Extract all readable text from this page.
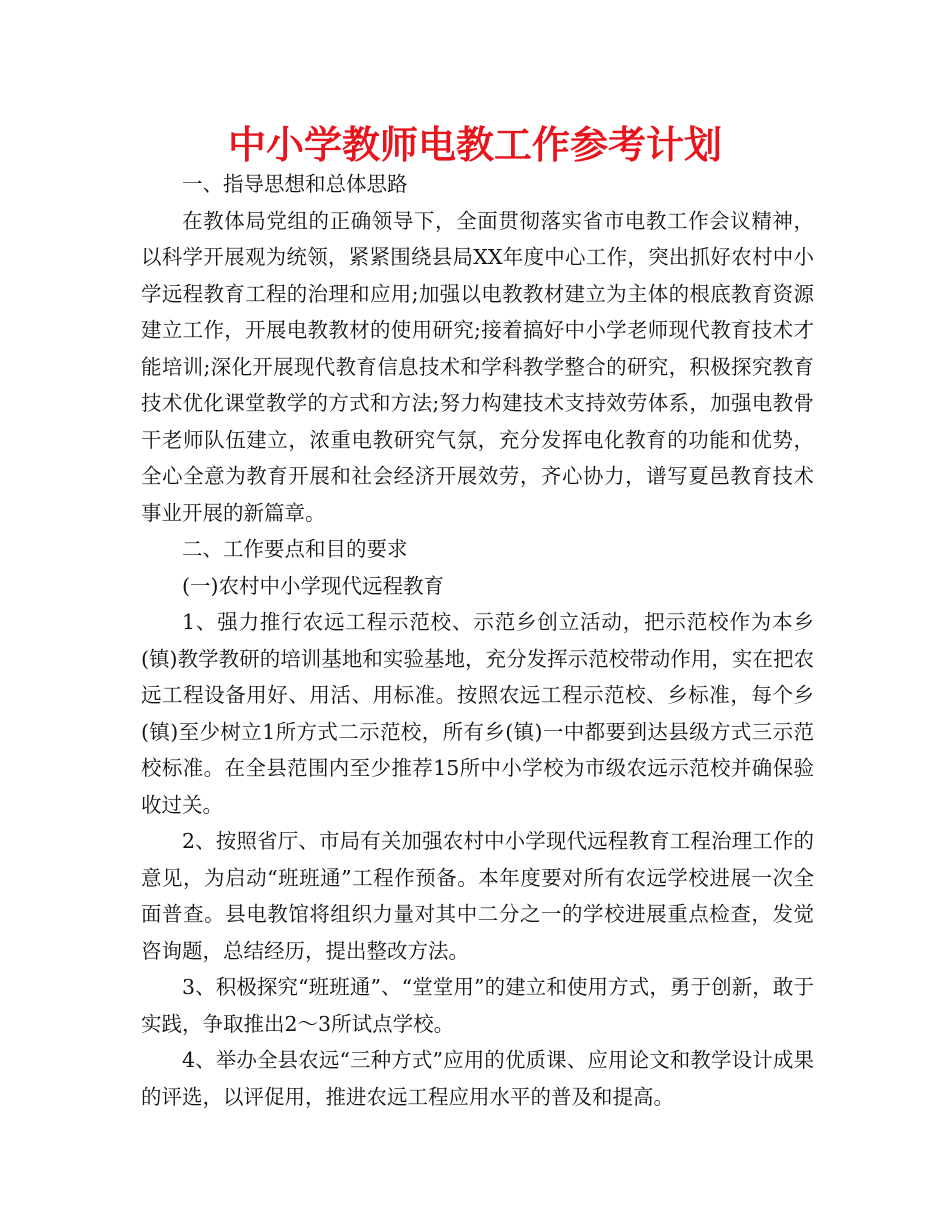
中小学教师电教工作参考计划

一、指导思想和总体思路

在教体局党组的正确领导下，全面贯彻落实省市电教工作会议精神，以科学开展观为统领，紧紧围绕县局XX年度中心工作，突出抓好农村中小学远程教育工程的治理和应用;加强以电教教材建立为主体的根底教育资源建立工作，开展电教教材的使用研究;接着搞好中小学老师现代教育技术才能培训;深化开展现代教育信息技术和学科教学整合的研究，积极探究教育技术优化课堂教学的方式和方法;努力构建技术支持效劳体系，加强电教骨干老师队伍建立，浓重电教研究气氛，充分发挥电化教育的功能和优势，全心全意为教育开展和社会经济开展效劳，齐心协力，谱写夏邑教育技术事业开展的新篇章。

二、工作要点和目的要求

(一)农村中小学现代远程教育

1、强力推行农远工程示范校、示范乡创立活动，把示范校作为本乡(镇)教学教研的培训基地和实验基地，充分发挥示范校带动作用，实在把农远工程设备用好、用活、用标准。按照农远工程示范校、乡标准，每个乡(镇)至少树立1所方式二示范校，所有乡(镇)一中都要到达县级方式三示范校标准。在全县范围内至少推荐15所中小学校为市级农远示范校并确保验收过关。

2、按照省厅、市局有关加强农村中小学现代远程教育工程治理工作的意见，为启动“班班通”工程作预备。本年度要对所有农远学校进展一次全面普查。县电教馆将组织力量对其中二分之一的学校进展重点检查，发觉咨询题，总结经历，提出整改方法。

3、积极探究“班班通”、“堂堂用”的建立和使用方式，勇于创新，敢于实践，争取推出2～3所试点学校。

4、举办全县农远“三种方式”应用的优质课、应用论文和教学设计成果的评选，以评促用，推进农远工程应用水平的普及和提高。
